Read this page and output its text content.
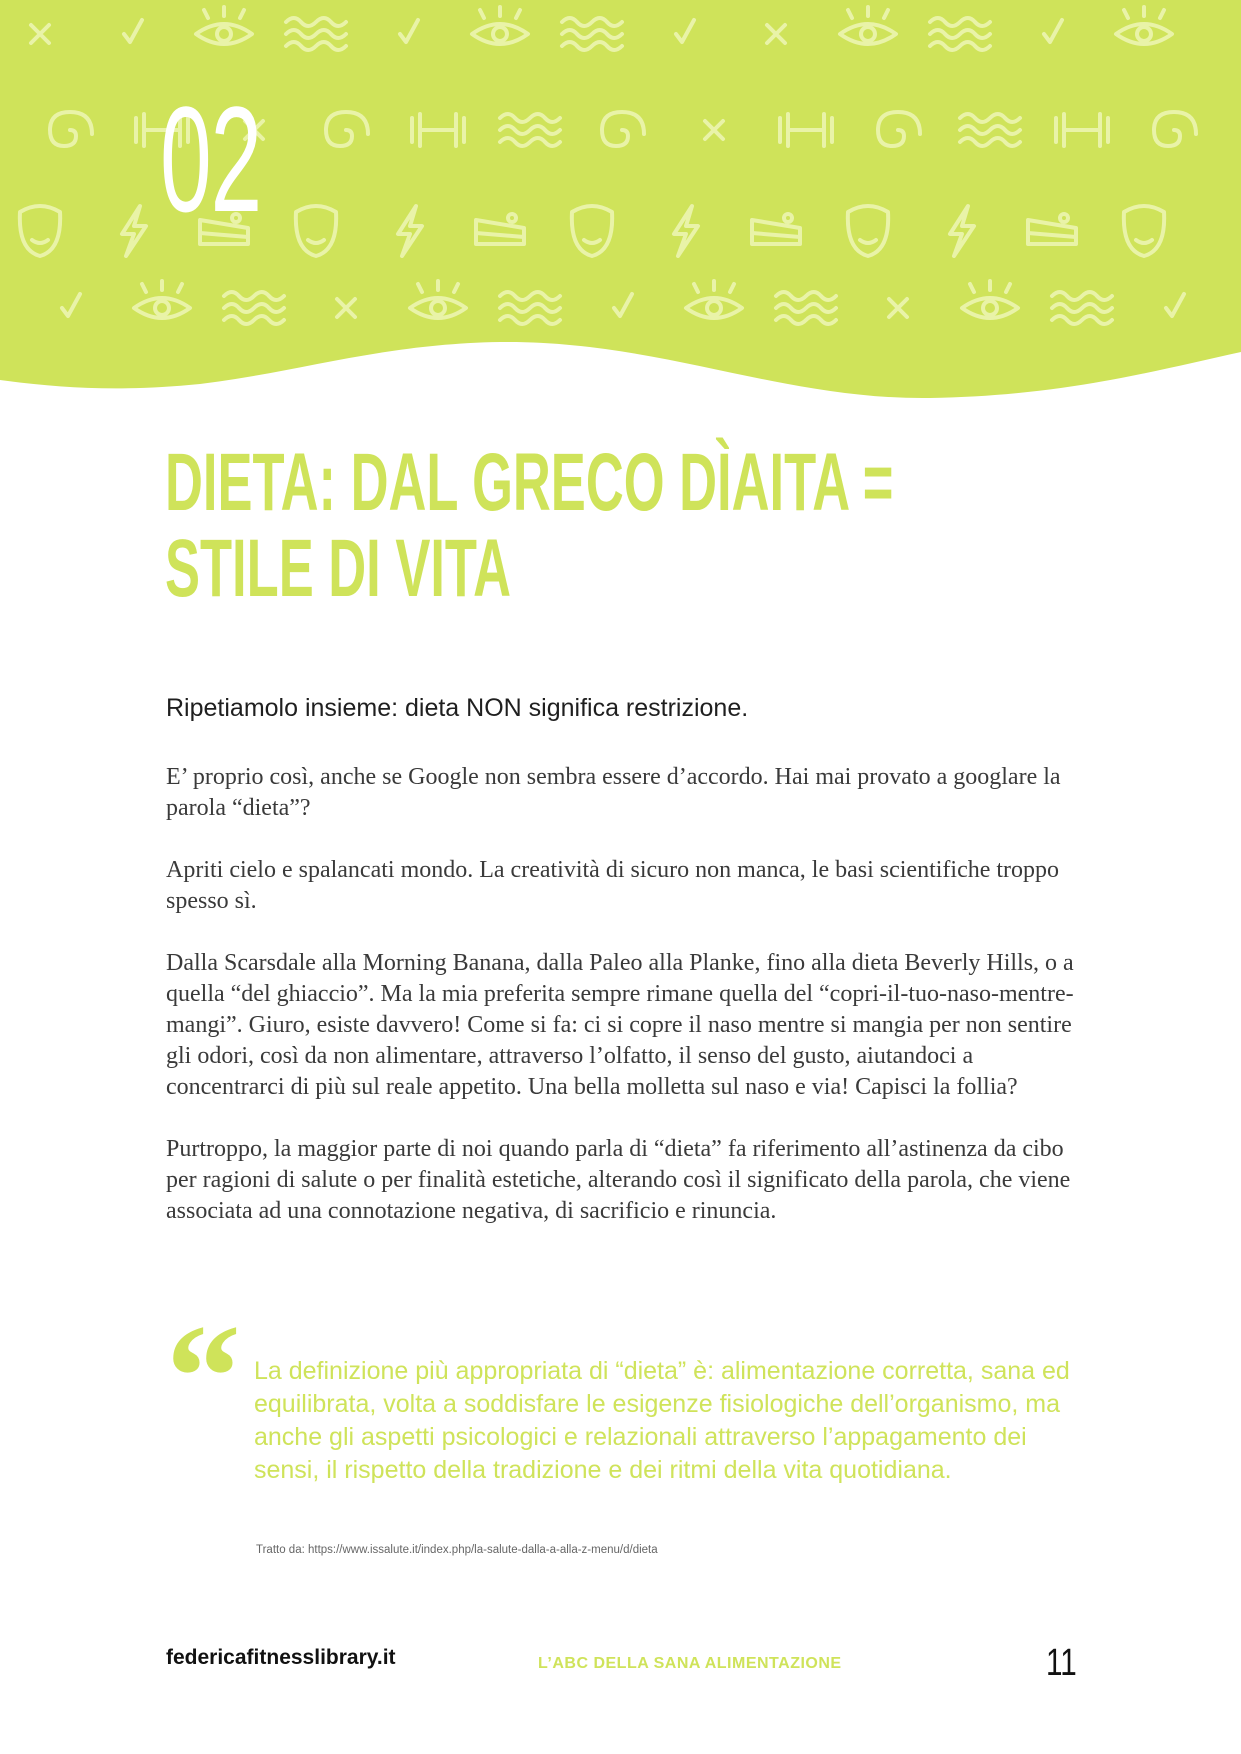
02
DIETA: DAL GRECO DÌAITA =
STILE DI VITA

Ripetiamolo insieme: dieta NON significa restrizione.

E’ proprio così, anche se Google non sembra essere d’accordo. Hai mai provato a googlare la parola “dieta”?

Apriti cielo e spalancati mondo. La creatività di sicuro non manca, le basi scientifiche troppo spesso sì.

Dalla Scarsdale alla Morning Banana, dalla Paleo alla Planke, fino alla dieta Beverly Hills, o a quella “del ghiaccio”. Ma la mia preferita sempre rimane quella del “copri-il-tuo-naso-mentre-mangi”. Giuro, esiste davvero! Come si fa: ci si copre il naso mentre si mangia per non sentire gli odori, così da non alimentare, attraverso l’olfatto, il senso del gusto, aiutandoci a concentrarci di più sul reale appetito. Una bella molletta sul naso e via! Capisci la follia?

Purtroppo, la maggior parte di noi quando parla di “dieta” fa riferimento all’astinenza da cibo per ragioni di salute o per finalità estetiche, alterando così il significato della parola, che viene associata ad una connotazione negativa, di sacrificio e rinuncia.

“ La definizione più appropriata di “dieta” è: alimentazione corretta, sana ed equilibrata, volta a soddisfare le esigenze fisiologiche dell’organismo, ma anche gli aspetti psicologici e relazionali attraverso l’appagamento dei sensi, il rispetto della tradizione e dei ritmi della vita quotidiana.

Tratto da: https://www.issalute.it/index.php/la-salute-dalla-a-alla-z-menu/d/dieta

federicafitnesslibrary.it	L’ABC DELLA SANA ALIMENTAZIONE	11
